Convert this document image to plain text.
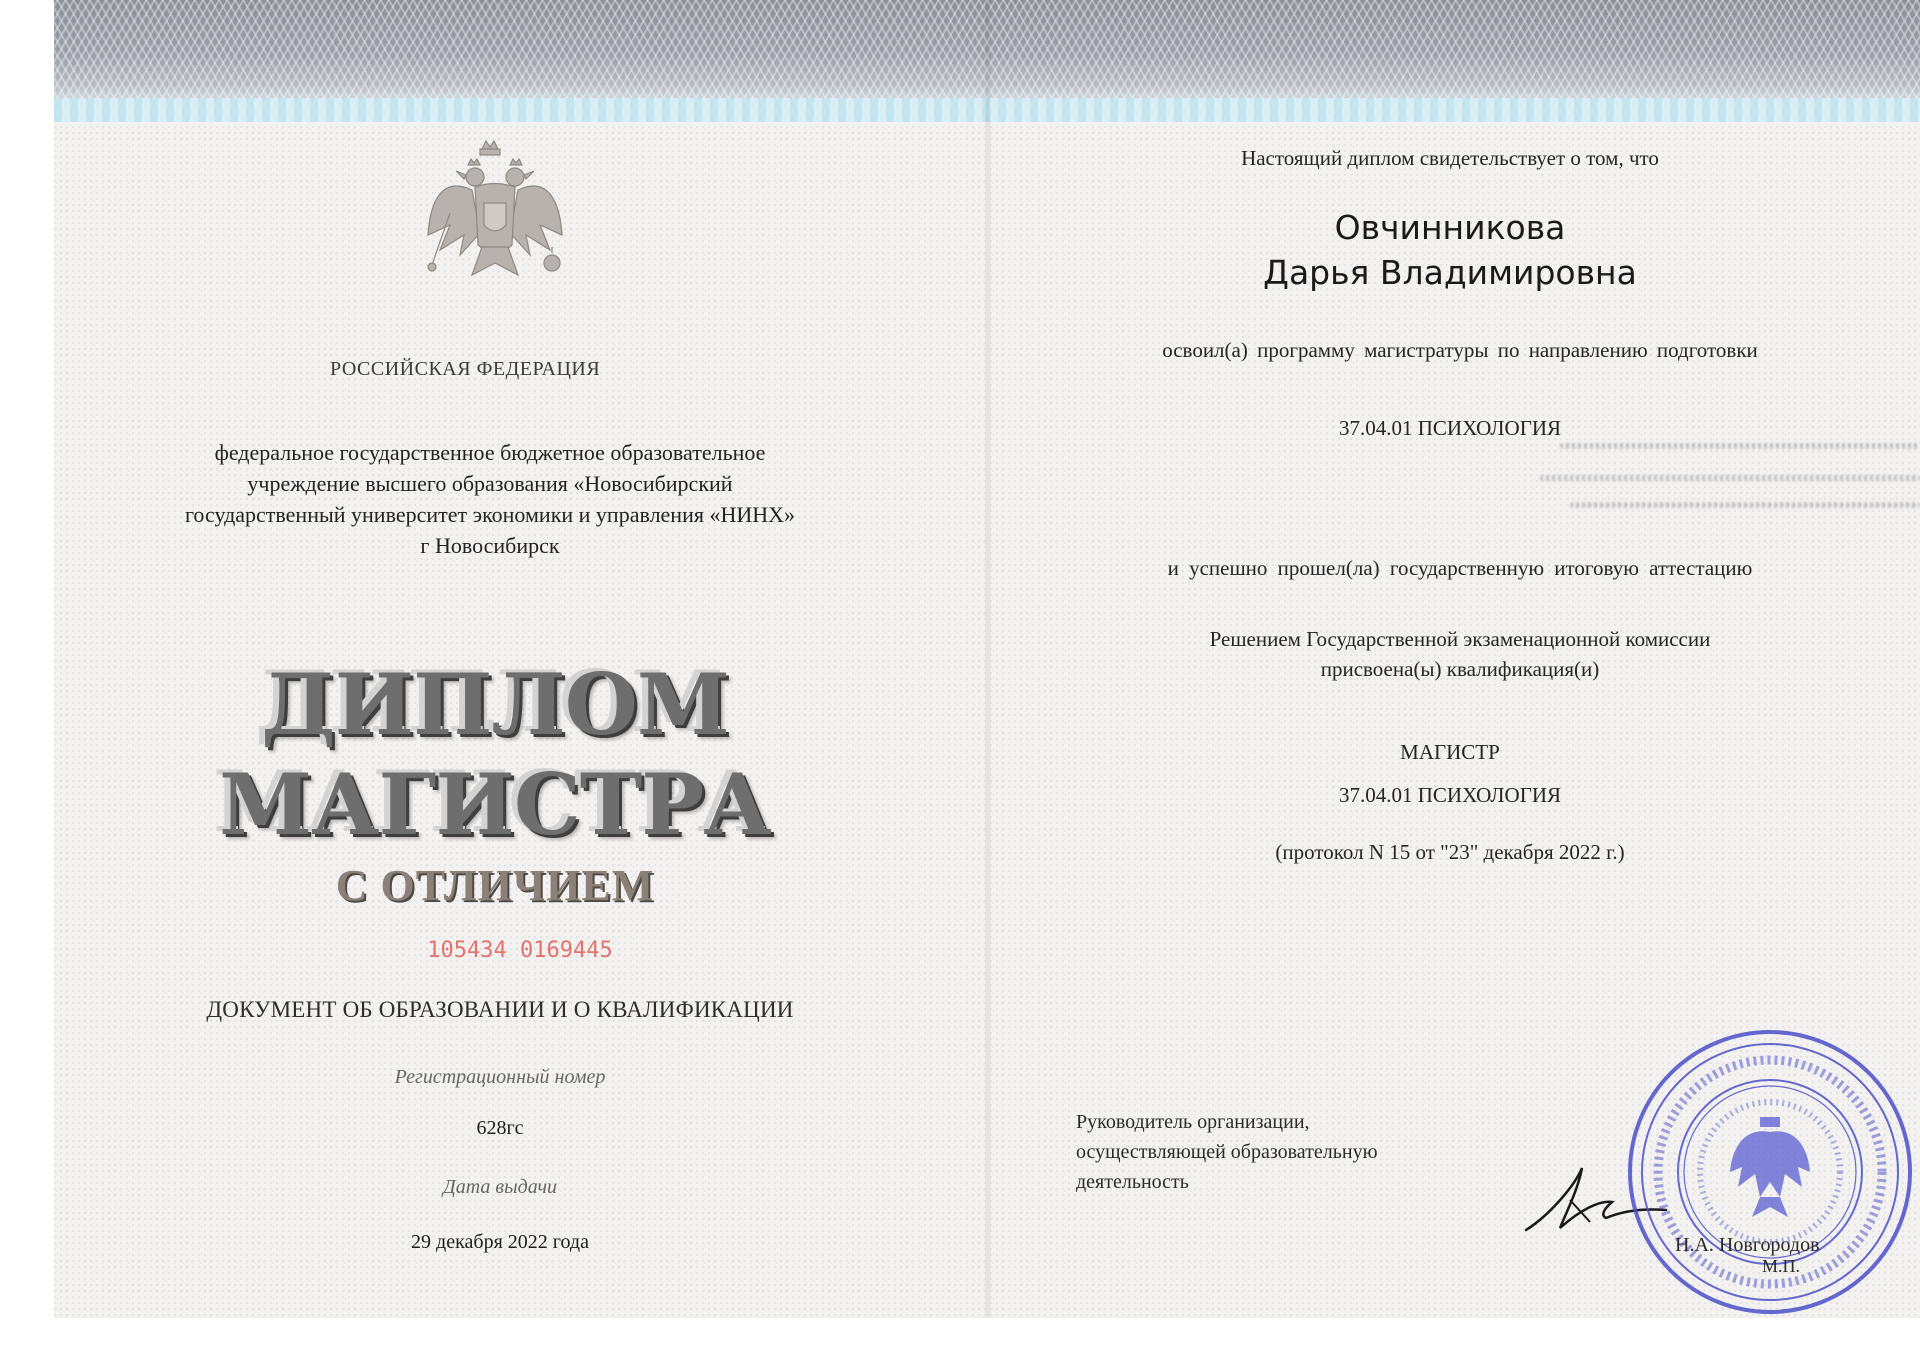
РОССИЙСКАЯ ФЕДЕРАЦИЯ
федеральное государственное бюджетное образовательное
учреждение высшего образования «Новосибирский
государственный университет экономики и управления «НИНХ»
г Новосибирск
ДИПЛОМ
МАГИСТРА
С ОТЛИЧИЕМ
105434 0169445
ДОКУМЕНТ ОБ ОБРАЗОВАНИИ И О КВАЛИФИКАЦИИ
Регистрационный номер
628гс
Дата выдачи
29 декабря 2022 года
Настоящий диплом свидетельствует о том, что
Овчинникова
Дарья Владимировна
освоил(а) программу магистратуры по направлению подготовки
37.04.01 ПСИХОЛОГИЯ
и успешно прошел(ла) государственную итоговую аттестацию
Решением Государственной экзаменационной комиссии
присвоена(ы) квалификация(и)
МАГИСТР
37.04.01 ПСИХОЛОГИЯ
(протокол N 15 от "23" декабря 2022 г.)
Руководитель организации,
осуществляющей образовательную
деятельность
Н.А. Новгородов
М.П.
